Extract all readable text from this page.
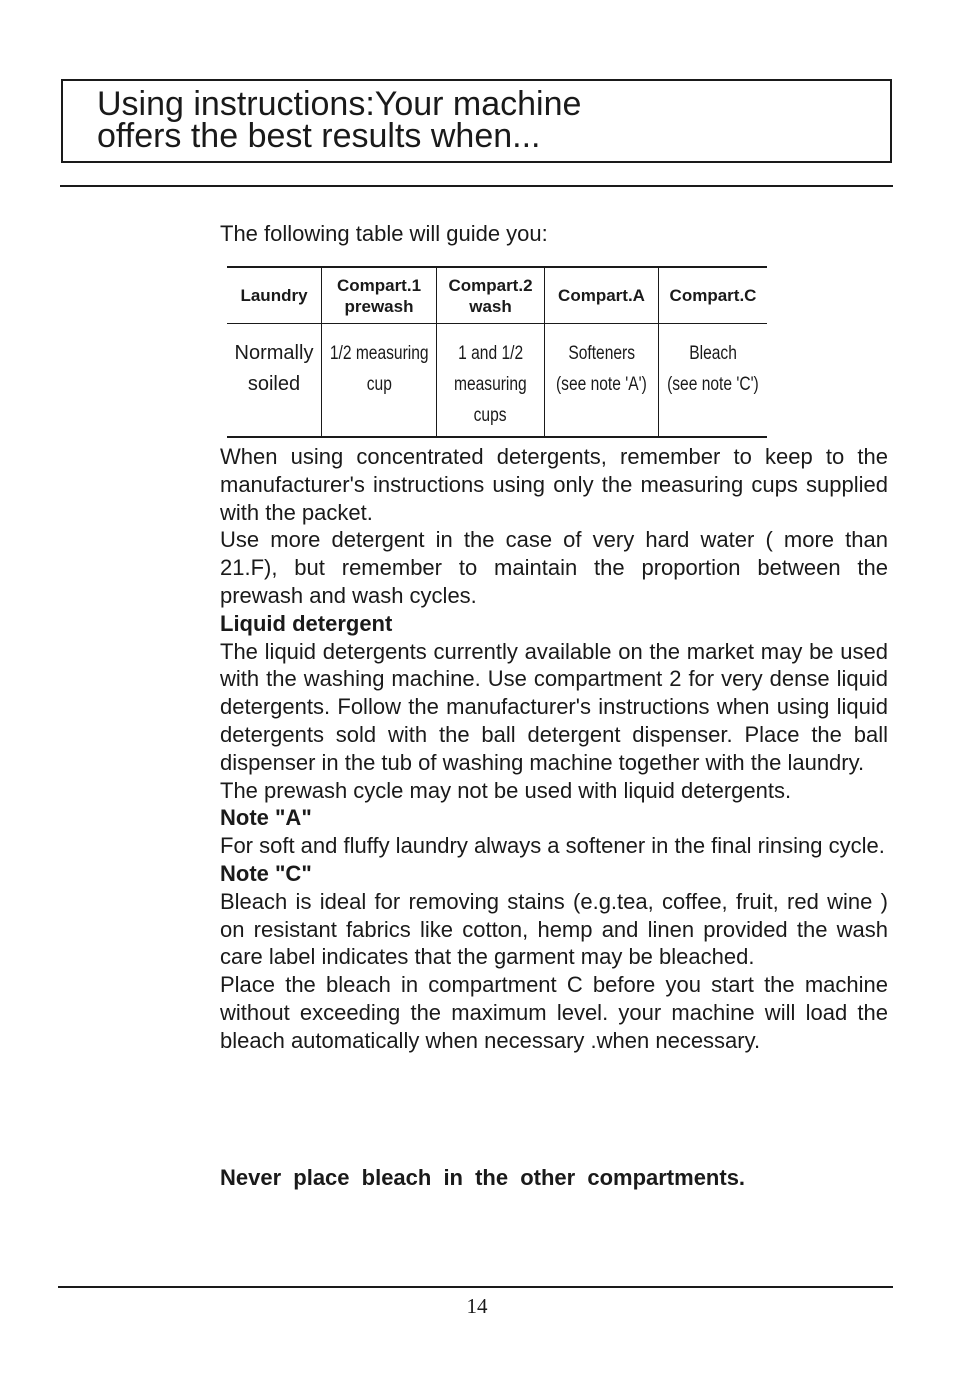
Using instructions:Your machine
offers the best results when...
The following table will guide you:
Laundry
Compart.1
prewash
Compart.2
wash
Compart.A Compart.C
Normally
soiled
1/2 measuring
cup
1 and 1/2
measuring
cups
Softeners
(see note 'A')
Bleach
(see note 'C')

When using concentrated detergents, remember to keep to the manufacturer's instructions using only the measuring cups supplied with the packet.

Use more detergent in the case of very hard water ( more than 21.F), but remember to maintain the proportion between the prewash and wash cycles.

Liquid detergent

The liquid detergents currently available on the market may be used with the washing machine. Use compartment 2 for very dense liquid detergents. Follow the manufacturer's instructions when using liquid detergents sold with the ball detergent dispenser. Place the ball dispenser in the tub of washing machine together with the laundry.

The prewash cycle may not be used with liquid detergents.

Note "A"

For soft and fluffy laundry always a softener in the final rinsing cycle.

Note "C"

Bleach is ideal for removing stains (e.g.tea, coffee, fruit, red wine ) on resistant fabrics like cotton, hemp and linen provided the wash care label indicates that the garment may be bleached.

Place the bleach in compartment C before you start the machine without exceeding the maximum level. your machine will load the bleach automatically when necessary .when necessary.

Never place bleach in the other compartments.
14
